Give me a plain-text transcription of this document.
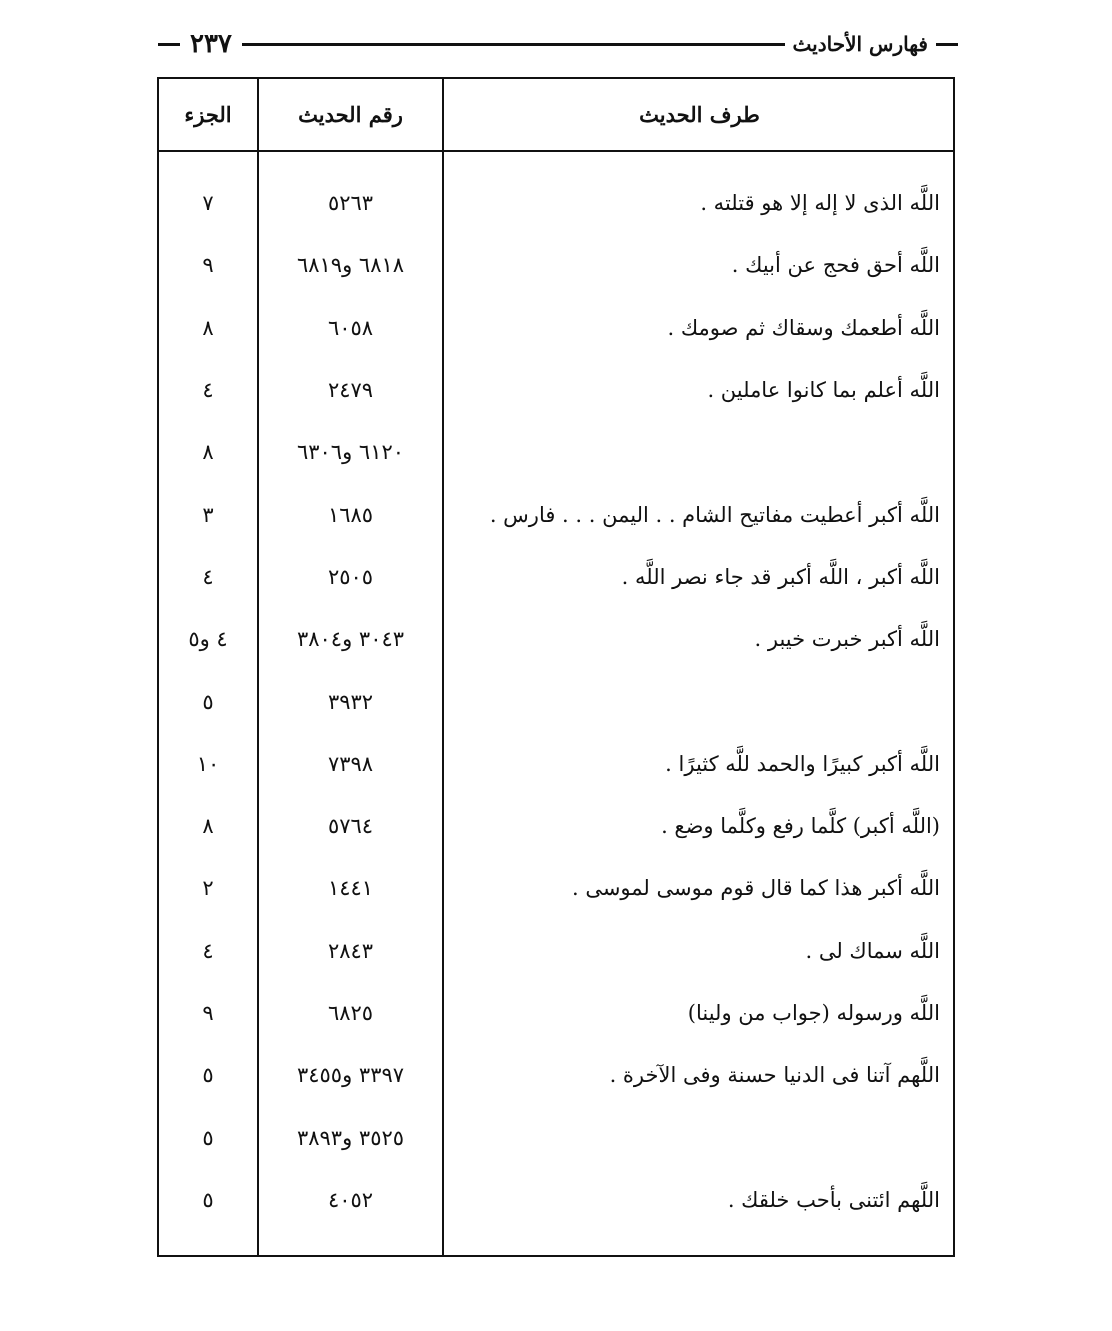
فهارس الأحاديث
٢٣٧
طرف الحديث
رقم الحديث
الجزء
اللَّه الذى لا إله إلا هو قتلته .
٥٢٦٣
٧
اللَّه أحق فحج عن أبيك .
٦٨١٨ و٦٨١٩
٩
اللَّه أطعمك وسقاك ثم صومك .
٦٠٥٨
٨
اللَّه أعلم بما كانوا عاملين .
٢٤٧٩
٤
٦١٢٠ و٦٣٠٦
٨
اللَّه أكبر أعطيت مفاتيح الشام . . اليمن . . . فارس .
١٦٨٥
٣
اللَّه أكبر ، اللَّه أكبر قد جاء نصر اللَّه .
٢٥٠٥
٤
اللَّه أكبر خبرت خيبر .
٣٠٤٣ و٣٨٠٤
٤ و٥
٣٩٣٢
٥
اللَّه أكبر كبيرًا والحمد للَّه كثيرًا .
٧٣٩٨
١٠
(اللَّه أكبر) كلَّما رفع وكلَّما وضع .
٥٧٦٤
٨
اللَّه أكبر هذا كما قال قوم موسى لموسى .
١٤٤١
٢
اللَّه سماك لى .
٢٨٤٣
٤
اللَّه ورسوله (جواب من ولينا)
٦٨٢٥
٩
اللَّهم آتنا فى الدنيا حسنة وفى الآخرة .
٣٣٩٧ و٣٤٥٥
٥
٣٥٢٥ و٣٨٩٣
٥
اللَّهم ائتنى بأحب خلقك .
٤٠٥٢
٥
